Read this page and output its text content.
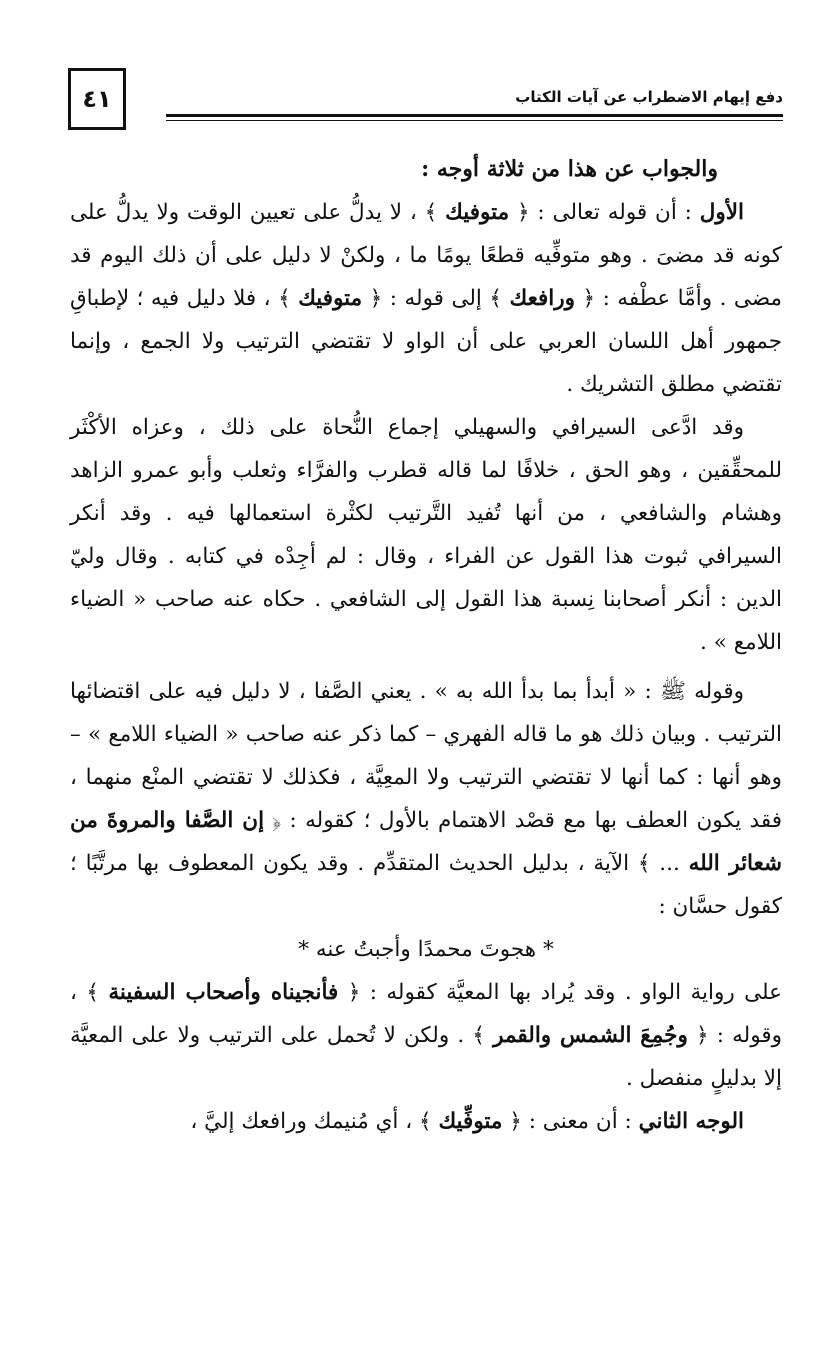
٤١	دفع إيهام الاضطراب عن آيات الكتاب

والجواب عن هذا من ثلاثة أوجه :

الأول : أن قوله تعالى : ﴿ متوفيك ﴾ ، لا يدلُّ على تعيين الوقت ولا يدلُّ على كونه قد مضىَ . وهو متوفِّيه قطعًا يومًا ما ، ولكنْ لا دليل على أن ذلك اليوم قد مضى . وأمَّا عطْفه : ﴿ ورافعك ﴾ إلى قوله : ﴿ متوفيك ﴾ ، فلا دليل فيه ؛ لإطباقِ جمهور أهل اللسان العربي على أن الواو لا تقتضي الترتيب ولا الجمع ، وإنما تقتضي مطلق التشريك .

وقد ادَّعى السيرافي والسهيلي إجماع النُّحاة على ذلك ، وعزاه الأكْثَر للمحقِّقين ، وهو الحق ، خلافًا لما قاله قطرب والفرَّاء وثعلب وأبو عمرو الزاهد وهشام والشافعي ، من أنها تُفيد التَّرتيب لكثْرة استعمالها فيه . وقد أنكر السيرافي ثبوت هذا القول عن الفراء ، وقال : لم أجِدْه في كتابه . وقال وليّ الدين : أنكر أصحابنا نِسبة هذا القول إلى الشافعي . حكاه عنه صاحب « الضياء اللامع » .

وقوله ﷺ : « أبدأ بما بدأ الله به » . يعني الصَّفا ، لا دليل فيه على اقتضائها الترتيب . وبيان ذلك هو ما قاله الفهري – كما ذكر عنه صاحب « الضياء اللامع » – وهو أنها : كما أنها لا تقتضي الترتيب ولا المعِيَّة ، فكذلك لا تقتضي المنْع منهما ، فقد يكون العطف بها مع قصْد الاهتمام بالأول ؛ كقوله : ﴿ إن الصَّفا والمروةَ من شعائر الله ... ﴾ الآية ، بدليل الحديث المتقدِّم . وقد يكون المعطوف بها مرتَّبًا ؛ كقول حسَّان :

* هجوتَ محمدًا وأجبتُ عنه *

على رواية الواو . وقد يُراد بها المعيَّة كقوله : ﴿ فأنجيناه وأصحاب السفينة ﴾ ، وقوله : ﴿ وجُمِعَ الشمس والقمر ﴾ . ولكن لا تُحمل على الترتيب ولا على المعيَّة إلا بدليلٍ منفصل .

الوجه الثاني : أن معنى : ﴿ متوفِّيك ﴾ ، أي مُنيمك ورافعك إليَّ ،
